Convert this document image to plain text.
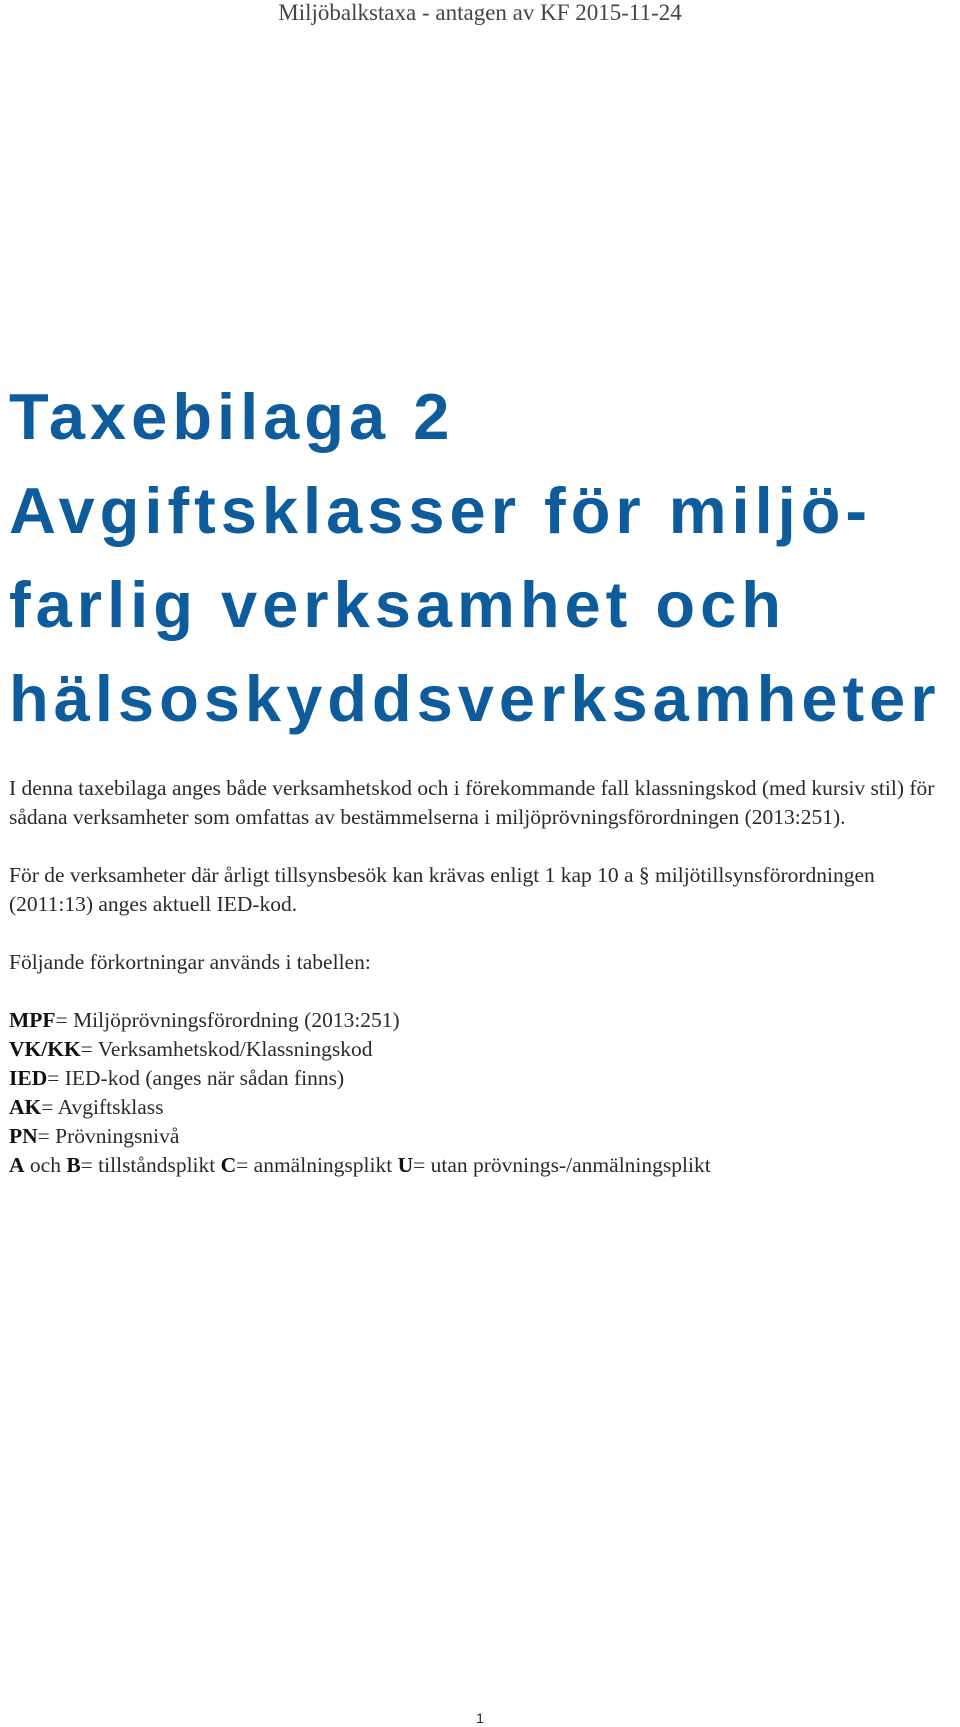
Miljöbalkstaxa - antagen av KF 2015-11-24
Taxebilaga 2
Avgiftsklasser för miljö-
farlig verksamhet och
hälsoskyddsverksamheter

I denna taxebilaga anges både verksamhetskod och i förekommande fall klassningskod (med kursiv stil) för sådana verksamheter som omfattas av bestämmelserna i miljöprövningsförordningen (2013:251).

För de verksamheter där årligt tillsynsbesök kan krävas enligt 1 kap 10 a § miljötillsynsförordningen (2011:13) anges aktuell IED-kod.

Följande förkortningar används i tabellen:

MPF= Miljöprövningsförordning (2013:251)
VK/KK= Verksamhetskod/Klassningskod
IED= IED-kod (anges när sådan finns)
AK= Avgiftsklass
PN= Prövningsnivå

A och B= tillståndsplikt C= anmälningsplikt U= utan prövnings-/anmälningsplikt

1
